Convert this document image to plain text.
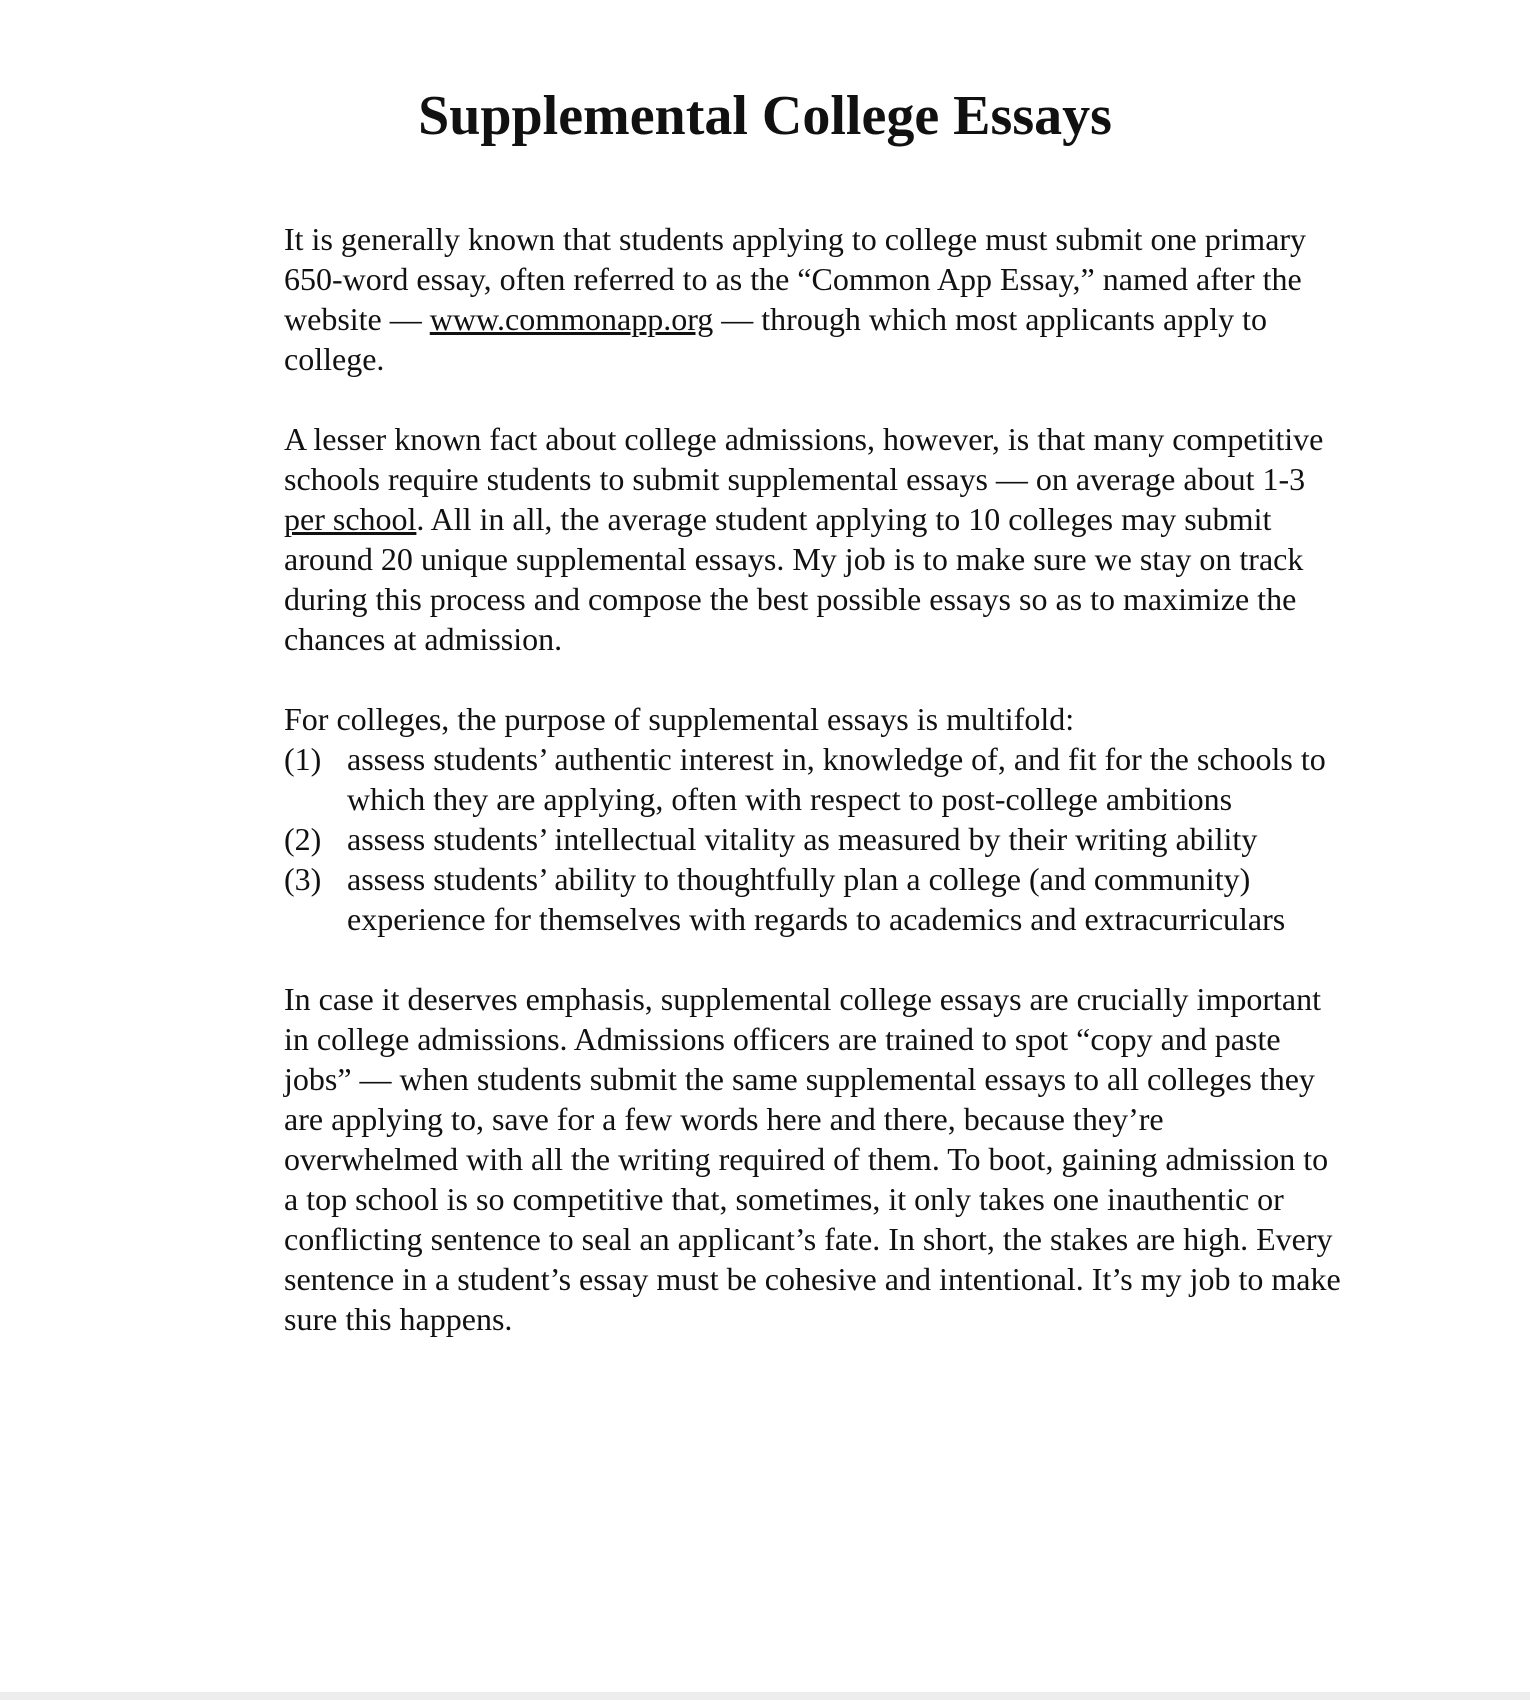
Supplemental College Essays

It is generally known that students applying to college must submit one primary 650-word essay, often referred to as the “Common App Essay,” named after the website — www.commonapp.org — through which most applicants apply to college.

A lesser known fact about college admissions, however, is that many competitive schools require students to submit supplemental essays — on average about 1-3 per school. All in all, the average student applying to 10 colleges may submit around 20 unique supplemental essays. My job is to make sure we stay on track during this process and compose the best possible essays so as to maximize the chances at admission.

For colleges, the purpose of supplemental essays is multifold:

(1) assess students’ authentic interest in, knowledge of, and fit for the schools to which they are applying, often with respect to post-college ambitions
(2) assess students’ intellectual vitality as measured by their writing ability
(3) assess students’ ability to thoughtfully plan a college (and community) experience for themselves with regards to academics and extracurriculars

In case it deserves emphasis, supplemental college essays are crucially important in college admissions. Admissions officers are trained to spot “copy and paste jobs” — when students submit the same supplemental essays to all colleges they are applying to, save for a few words here and there, because they’re overwhelmed with all the writing required of them. To boot, gaining admission to a top school is so competitive that, sometimes, it only takes one inauthentic or conflicting sentence to seal an applicant’s fate. In short, the stakes are high. Every sentence in a student’s essay must be cohesive and intentional. It’s my job to make sure this happens.
